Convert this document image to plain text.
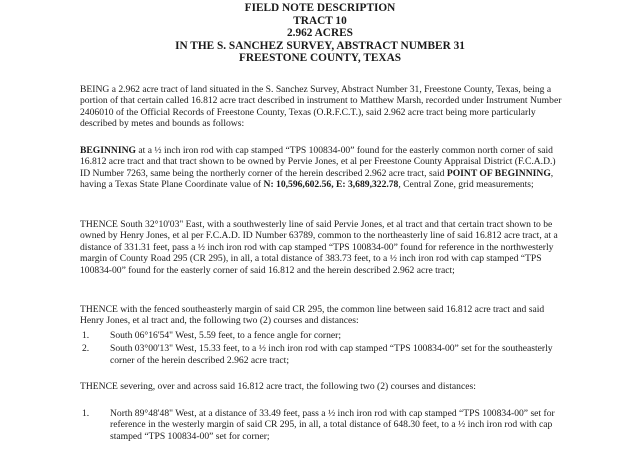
FIELD NOTE DESCRIPTION
TRACT 10
2.962 ACRES
IN THE S. SANCHEZ SURVEY, ABSTRACT NUMBER 31
FREESTONE COUNTY, TEXAS

BEING a 2.962 acre tract of land situated in the S. Sanchez Survey, Abstract Number 31, Freestone County, Texas, being a portion of that certain called 16.812 acre tract described in instrument to Matthew Marsh, recorded under Instrument Number 2406010 of the Official Records of Freestone County, Texas (O.R.F.C.T.), said 2.962 acre tract being more particularly described by metes and bounds as follows:

BEGINNING at a ½ inch iron rod with cap stamped “TPS 100834-00” found for the easterly common north corner of said 16.812 acre tract and that tract shown to be owned by Pervie Jones, et al per Freestone County Appraisal District (F.C.A.D.) ID Number 7263, same being the northerly corner of the herein described 2.962 acre tract, said POINT OF BEGINNING, having a Texas State Plane Coordinate value of N: 10,596,602.56, E: 3,689,322.78, Central Zone, grid measurements;

THENCE South 32°10'03" East, with a southwesterly line of said Pervie Jones, et al tract and that certain tract shown to be owned by Henry Jones, et al per F.C.A.D. ID Number 63789, common to the northeasterly line of said 16.812 acre tract, at a distance of 331.31 feet, pass a ½ inch iron rod with cap stamped “TPS 100834-00” found for reference in the northwesterly margin of County Road 295 (CR 295), in all, a total distance of 383.73 feet, to a ½ inch iron rod with cap stamped “TPS 100834-00” found for the easterly corner of said 16.812 and the herein described 2.962 acre tract;

THENCE with the fenced southeasterly margin of said CR 295, the common line between said 16.812 acre tract and said Henry Jones, et al tract and, the following two (2) courses and distances:

1.	South 06°16'54" West, 5.59 feet, to a fence angle for corner;
2.	South 03°00'13" West, 15.33 feet, to a ½ inch iron rod with cap stamped “TPS 100834-00” set for the southeasterly corner of the herein described 2.962 acre tract;

THENCE severing, over and across said 16.812 acre tract, the following two (2) courses and distances:

1.	North 89°48'48" West, at a distance of 33.49 feet, pass a ½ inch iron rod with cap stamped “TPS 100834-00” set for reference in the westerly margin of said CR 295, in all, a total distance of 648.30 feet, to a ½ inch iron rod with cap stamped “TPS 100834-00” set for corner;
